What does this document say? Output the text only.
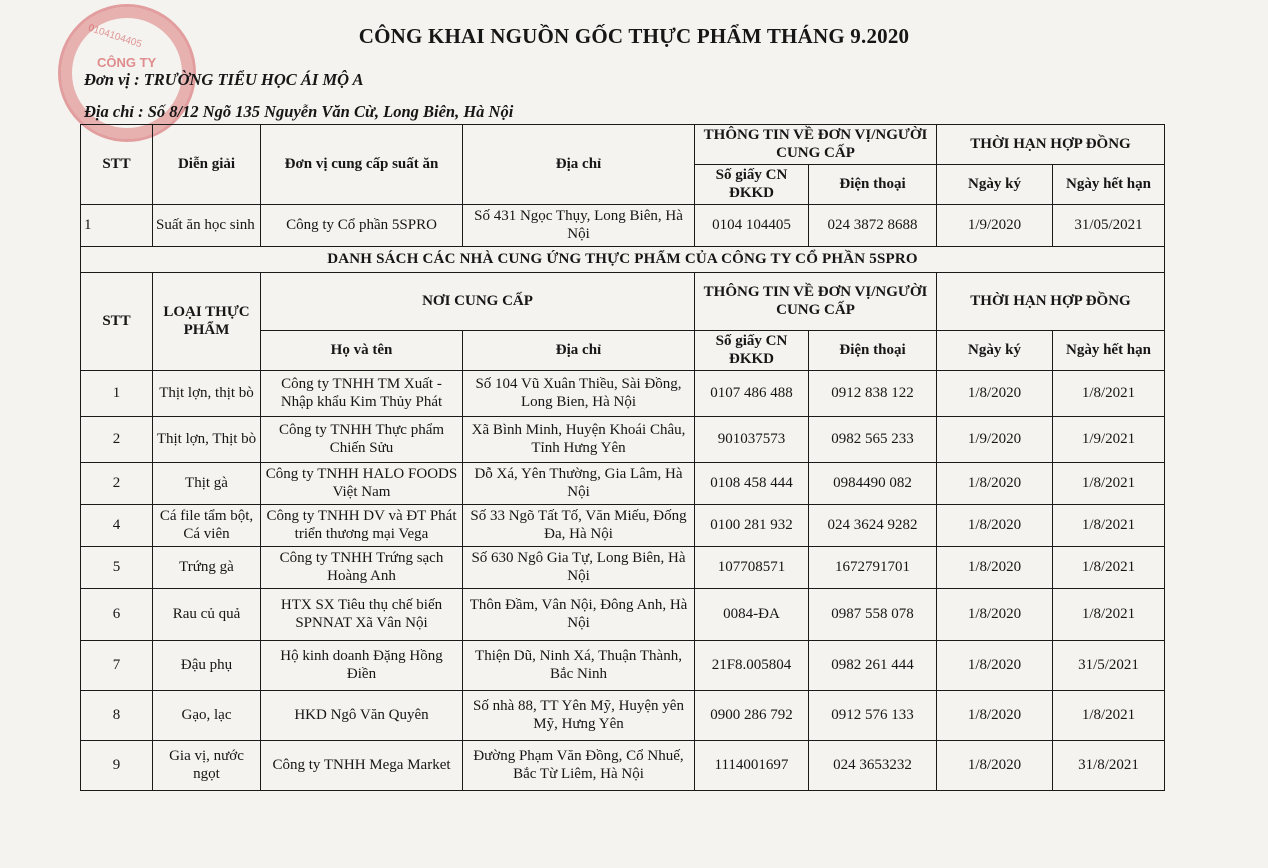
0104104405
CÔNG TY
CÔNG KHAI NGUỒN GỐC THỰC PHẨM THÁNG 9.2020
Đơn vị : TRƯỜNG TIỂU HỌC ÁI MỘ A
Địa chỉ : Số 8/12 Ngõ 135 Nguyễn Văn Cừ, Long Biên, Hà Nội
STT	Diễn giải	Đơn vị cung cấp suất ăn	Địa chỉ	THÔNG TIN VỀ ĐƠN VỊ/NGƯỜI CUNG CẤP		THỜI HẠN HỢP ĐỒNG	
				Số giấy CN ĐKKD	Điện thoại	Ngày ký	Ngày hết hạn
1	Suất ăn học sinh	Công ty Cổ phần 5SPRO	Số 431 Ngọc Thụy, Long Biên, Hà Nội	0104 104405	024 3872 8688	1/9/2020	31/05/2021
DANH SÁCH CÁC NHÀ CUNG ỨNG THỰC PHẨM CỦA CÔNG TY CỔ PHẦN 5SPRO							
STT	LOẠI THỰC PHẨM	NƠI CUNG CẤP		THÔNG TIN VỀ ĐƠN VỊ/NGƯỜI CUNG CẤP		THỜI HẠN HỢP ĐỒNG	
		Họ và tên	Địa chỉ	Số giấy CN ĐKKD	Điện thoại	Ngày ký	Ngày hết hạn
1	Thịt lợn, thịt bò	Công ty TNHH TM Xuất - Nhập khẩu Kim Thủy Phát	Số 104 Vũ Xuân Thiều, Sài Đồng, Long Bien, Hà Nội	0107 486 488	0912 838 122	1/8/2020	1/8/2021
2	Thịt lợn, Thịt bò	Công ty TNHH Thực phẩm Chiến Sửu	Xã Bình Minh, Huyện Khoái Châu, Tỉnh Hưng Yên	901037573	0982 565 233	1/9/2020	1/9/2021
2	Thịt gà	Công ty TNHH HALO FOODS Việt Nam	Dỗ Xá, Yên Thường, Gia Lâm, Hà Nội	0108 458 444	0984490 082	1/8/2020	1/8/2021
4	Cá file tẩm bột, Cá viên	Công ty TNHH DV và ĐT Phát triển thương mại Vega	Số 33 Ngõ Tất Tố, Văn Miếu, Đống Đa, Hà Nội	0100 281 932	024 3624 9282	1/8/2020	1/8/2021
5	Trứng gà	Công ty TNHH Trứng sạch Hoàng Anh	Số 630 Ngô Gia Tự, Long Biên, Hà Nội	107708571	1672791701	1/8/2020	1/8/2021
6	Rau củ quả	HTX SX Tiêu thụ chế biến SPNNAT Xã Vân Nội	Thôn Đầm, Vân Nội, Đông Anh, Hà Nội	0084-ĐA	0987 558 078	1/8/2020	1/8/2021
7	Đậu phụ	Hộ kinh doanh Đặng Hồng Điền	Thiện Dũ, Ninh Xá, Thuận Thành, Bắc Ninh	21F8.005804	0982 261 444	1/8/2020	31/5/2021
8	Gạo, lạc	HKD Ngô Văn Quyên	Số nhà 88, TT Yên Mỹ, Huyện yên Mỹ, Hưng Yên	0900 286 792	0912 576 133	1/8/2020	1/8/2021
9	Gia vị, nước ngọt	Công ty TNHH Mega Market	Đường Phạm Văn Đồng, Cổ Nhuế, Bắc Từ Liêm, Hà Nội	1114001697	024 3653232	1/8/2020	31/8/2021
